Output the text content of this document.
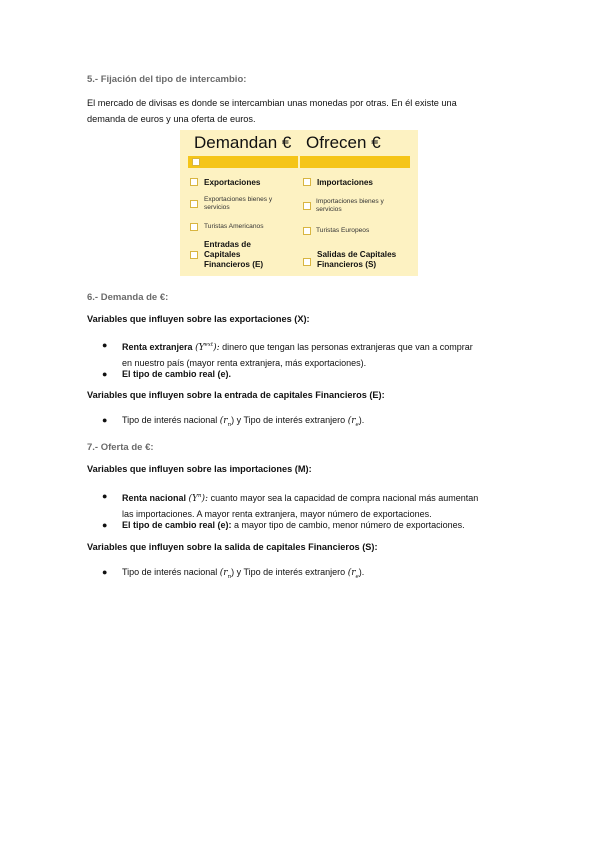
5.- Fijación del tipo de intercambio:
El mercado de divisas es donde se intercambian unas monedas por otras. En él existe una
demanda de euros y una oferta de euros.
Demandan € Ofrecen €
Exportaciones
Exportaciones bienes y
servicios
Turistas Americanos
Entradas de
Capitales
Financieros (E)
Importaciones
Importaciones bienes y
servicios
Turistas Europeos
Salidas de Capitales
Financieros (S)
6.- Demanda de €:
Variables que influyen sobre las exportaciones (X):
● Renta extranjera $(Y^{ext})$: dinero que tengan las personas extranjeras que van a comprar
en nuestro país (mayor renta extranjera, más exportaciones).
● El tipo de cambio real (e).
Variables que influyen sobre la entrada de capitales Financieros (E):
● Tipo de interés nacional $(r_n)$ y Tipo de interés extranjero $(r_e)$.
7.- Oferta de €:
Variables que influyen sobre las importaciones (M):
● Renta nacional $(Y^n)$: cuanto mayor sea la capacidad de compra nacional más aumentan
las importaciones. A mayor renta extranjera, mayor número de exportaciones.
● El tipo de cambio real (e): a mayor tipo de cambio, menor número de exportaciones.
Variables que influyen sobre la salida de capitales Financieros (S):
● Tipo de interés nacional $(r_n)$ y Tipo de interés extranjero $(r_e)$.
